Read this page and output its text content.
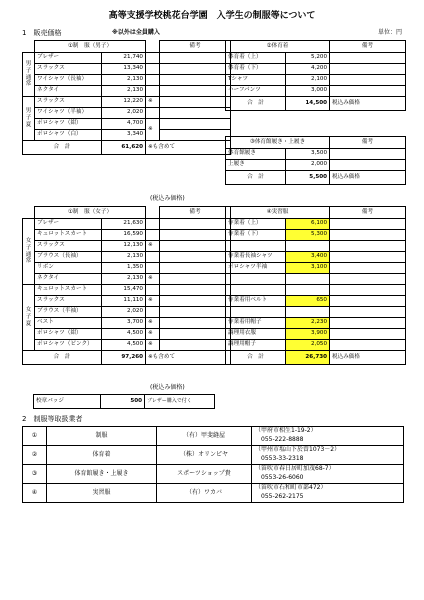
高等支援学校桃花台学園　入学生の制服等について
1　販売価格	※以外は全員購入	単位：円
	①制　服（男子）			備考
男子通常	ブレザー	21,740		
	スラックス	13,340		
	ワイシャツ（長袖）	2,130		
	ネクタイ	2,130		
男子夏	スラックス	12,220	※	
	ワイシャツ（半袖）	2,020		
	ポロシャツ（紺）	4,700	※	
	ポロシャツ（白）	3,340		
合　計		61,620	※も含めて	
(税込み価格)
②体育着		備考
体育着（上）	5,200	
体育着（下）	4,200	
Tシャツ	2,100	
ハーフパンツ	3,000	
合　計	14,500	税込み価格
③体育館履き・上履き		備考
体育館履き	3,500	
上履き	2,000	
合　計	5,500	税込み価格
	①制　服（女子）			備考
女子通常	ブレザー	21,630		
	キュロットスカート	16,590		
	スラックス	12,130	※	
	ブラウス（長袖）	2,130		
	リボン	1,350		
	ネクタイ	2,130	※	
女子夏	キュロットスカート	15,470		
	スラックス	11,110	※	
	ブラウス（半袖）	2,020		
	ベスト	3,700	※	
	ポロシャツ（紺）	4,500	※	
	ポロシャツ（ピンク）	4,500	※	
合　計		97,260	※も含めて	
(税込み価格)
④実習服		備考
作業着（上）	6,100	
作業着（下）	5,300	

作業着長袖シャツ	3,400	
ポロシャツ半袖	3,100	

作業着用ベルト	650	

作業着用帽子	2,230	
調理用衣服	3,900	
調理用帽子	2,050	
合　計	26,730	税込み価格
校章バッジ	500	ブレザー購入で付く
2　制服等取扱業者
①	制服	（有）甲斐縫屋	（甲府市相生1-19-2）
055-222-8888

②	体育着	（株）オリンピヤ	（甲州市塩山下於曽1073－2）
0553-33-2318

③	体育館履き・上履き	スポーツショップ貴	（笛吹市春日居町加茂68-7）
0553-26-6060

④	実習服	（有）ワカバ	（笛吹市石和町市部472）
055-262-2175
